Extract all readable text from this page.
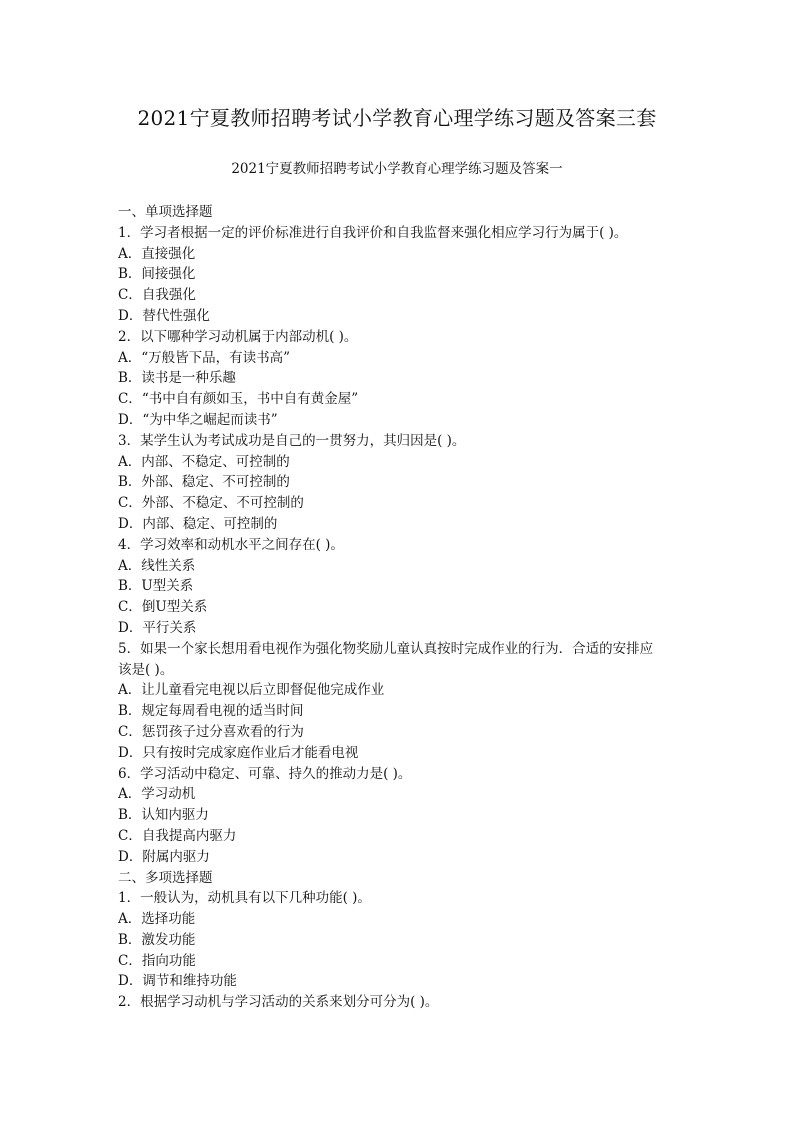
2021宁夏教师招聘考试小学教育心理学练习题及答案三套
2021宁夏教师招聘考试小学教育心理学练习题及答案一
一、单项选择题
1．学习者根据一定的评价标准进行自我评价和自我监督来强化相应学习行为属于( )。
A．直接强化
B．间接强化
C．自我强化
D．替代性强化
2．以下哪种学习动机属于内部动机( )。
A．“万般皆下品，有读书高”
B．读书是一种乐趣
C．“书中自有颜如玉，书中自有黄金屋”
D．“为中华之崛起而读书”
3．某学生认为考试成功是自己的一贯努力，其归因是( )。
A．内部、不稳定、可控制的
B．外部、稳定、不可控制的
C．外部、不稳定、不可控制的
D．内部、稳定、可控制的
4．学习效率和动机水平之间存在( )。
A．线性关系
B．U型关系
C．倒U型关系
D．平行关系
5．如果一个家长想用看电视作为强化物奖励儿童认真按时完成作业的行为．合适的安排应
该是( )。
A．让儿童看完电视以后立即督促他完成作业
B．规定每周看电视的适当时间
C．惩罚孩子过分喜欢看的行为
D．只有按时完成家庭作业后才能看电视
6．学习活动中稳定、可靠、持久的推动力是( )。
A．学习动机
B．认知内驱力
C．自我提高内驱力
D．附属内驱力
二、多项选择题
1．一般认为，动机具有以下几种功能( )。
A．选择功能
B．激发功能
C．指向功能
D．调节和维持功能
2．根据学习动机与学习活动的关系来划分可分为( )。
